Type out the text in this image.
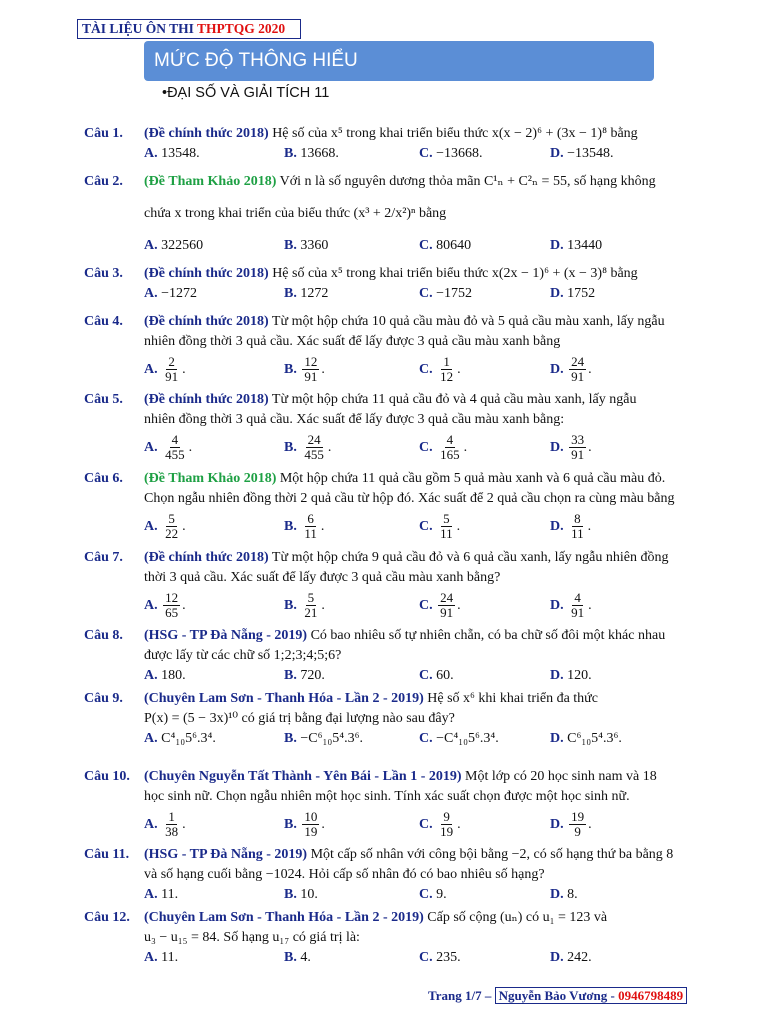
TÀI LIỆU ÔN THI THPTQG 2020
MỨC ĐỘ THÔNG HIỂU
•ĐẠI SỐ VÀ GIẢI TÍCH 11
Câu 1. (Đề chính thức 2018) Hệ số của x⁵ trong khai triển biểu thức x(x − 2)⁶ + (3x − 1)⁸ bằng
A. 13548.	B. 13668.	C. −13668.	D. −13548.
Câu 2. (Đề Tham Khảo 2018) Với n là số nguyên dương thỏa mãn C¹ₙ + C²ₙ = 55, số hạng không
chứa x trong khai triển của biểu thức (x³ + 2/x²)ⁿ bằng
A. 322560	B. 3360	C. 80640	D. 13440
Câu 3. (Đề chính thức 2018) Hệ số của x⁵ trong khai triển biểu thức x(2x − 1)⁶ + (x − 3)⁸ bằng
A. −1272	B. 1272	C. −1752	D. 1752
Câu 4. (Đề chính thức 2018) Từ một hộp chứa 10 quả cầu màu đỏ và 5 quả cầu màu xanh, lấy ngẫu
nhiên đồng thời 3 quả cầu. Xác suất để lấy được 3 quả cầu màu xanh bằng
A. $\frac{2}{91}$ .	B. $\frac{12}{91}$ .	C. $\frac{1}{12}$ .	D. $\frac{24}{91}$ .
Câu 5. (Đề chính thức 2018) Từ một hộp chứa 11 quả cầu đỏ và 4 quả cầu màu xanh, lấy ngẫu
nhiên đồng thời 3 quả cầu. Xác suất để lấy được 3 quả cầu màu xanh bằng:
A. $\frac{4}{455}$ .	B. $\frac{24}{455}$ .	C. $\frac{4}{165}$ .	D. $\frac{33}{91}$ .
Câu 6. (Đề Tham Khảo 2018) Một hộp chứa 11 quả cầu gồm 5 quả màu xanh và 6 quả cầu màu đỏ.
Chọn ngẫu nhiên đồng thời 2 quả cầu từ hộp đó. Xác suất để 2 quả cầu chọn ra cùng màu bằng
A. $\frac{5}{22}$ .	B. $\frac{6}{11}$ .	C. $\frac{5}{11}$ .	D. $\frac{8}{11}$ .
Câu 7. (Đề chính thức 2018) Từ một hộp chứa 9 quả cầu đỏ và 6 quả cầu xanh, lấy ngẫu nhiên đồng
thời 3 quả cầu. Xác suất để lấy được 3 quả cầu màu xanh bằng?
A. $\frac{12}{65}$ .	B. $\frac{5}{21}$ .	C. $\frac{24}{91}$ .	D. $\frac{4}{91}$ .
Câu 8. (HSG - TP Đà Nẵng - 2019) Có bao nhiêu số tự nhiên chẵn, có ba chữ số đôi một khác nhau
được lấy từ các chữ số 1;2;3;4;5;6?
A. 180.	B. 720.	C. 60.	D. 120.
Câu 9. (Chuyên Lam Sơn - Thanh Hóa - Lần 2 - 2019) Hệ số x⁶ khi khai triển đa thức
P(x) = (5 − 3x)¹⁰ có giá trị bằng đại lượng nào sau đây?
A. C⁴₁₀5⁶.3⁴.	B. −C⁶₁₀5⁴.3⁶.	C. −C⁴₁₀5⁶.3⁴.	D. C⁶₁₀5⁴.3⁶.
Câu 10. (Chuyên Nguyễn Tất Thành - Yên Bái - Lần 1 - 2019) Một lớp có 20 học sinh nam và 18
học sinh nữ. Chọn ngẫu nhiên một học sinh. Tính xác suất chọn được một học sinh nữ.
A. $\frac{1}{38}$ .	B. $\frac{10}{19}$ .	C. $\frac{9}{19}$ .	D. $\frac{19}{9}$ .
Câu 11. (HSG - TP Đà Nẵng - 2019) Một cấp số nhân với công bội bằng −2, có số hạng thứ ba bằng 8
và số hạng cuối bằng −1024. Hỏi cấp số nhân đó có bao nhiêu số hạng?
A. 11.	B. 10.	C. 9.	D. 8.
Câu 12. (Chuyên Lam Sơn - Thanh Hóa - Lần 2 - 2019) Cấp số cộng (uₙ) có u₁ = 123 và
u₃ − u₁₅ = 84. Số hạng u₁₇ có giá trị là:
A. 11.	B. 4.	C. 235.	D. 242.
Trang 1/7 – Nguyễn Bảo Vương - 0946798489
